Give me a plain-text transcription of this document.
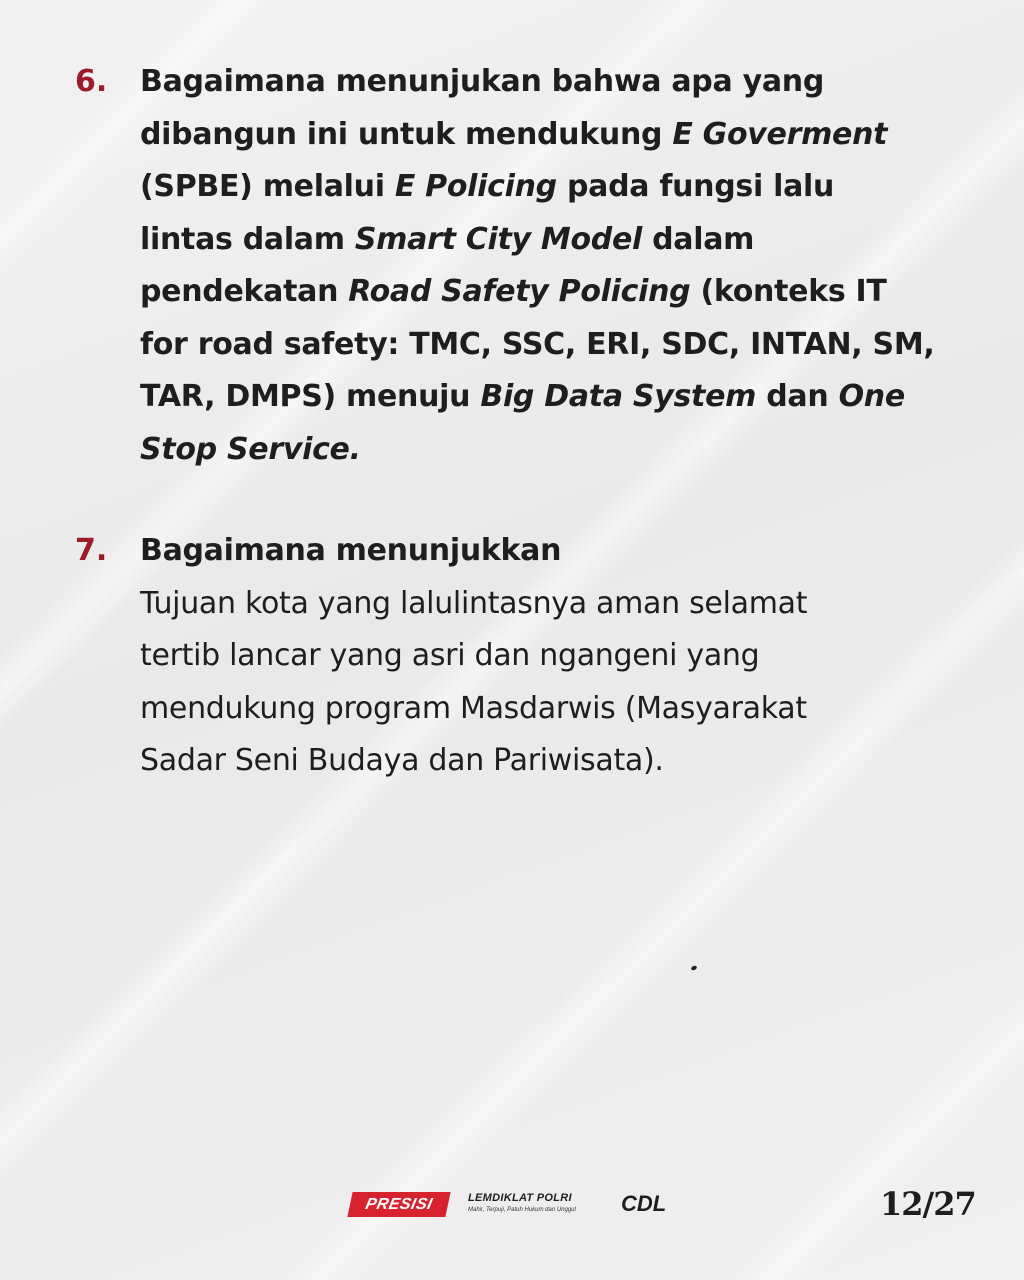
6. Bagaimana menunjukan bahwa apa yang
dibangun ini untuk mendukung E Goverment
(SPBE) melalui E Policing pada fungsi lalu
lintas dalam Smart City Model dalam
pendekatan Road Safety Policing (konteks IT
for road safety: TMC, SSC, ERI, SDC, INTAN, SM,
TAR, DMPS) menuju Big Data System dan One
Stop Service.
7. Bagaimana menunjukkan
Tujuan kota yang lalulintasnya aman selamat
tertib lancar yang asri dan ngangeni yang
mendukung program Masdarwis (Masyarakat
Sadar Seni Budaya dan Pariwisata).
PRESISI	LEMDIKLAT POLRI
Mahir, Terpuji, Patuh Hukum dan Unggul	CDL	12/27
